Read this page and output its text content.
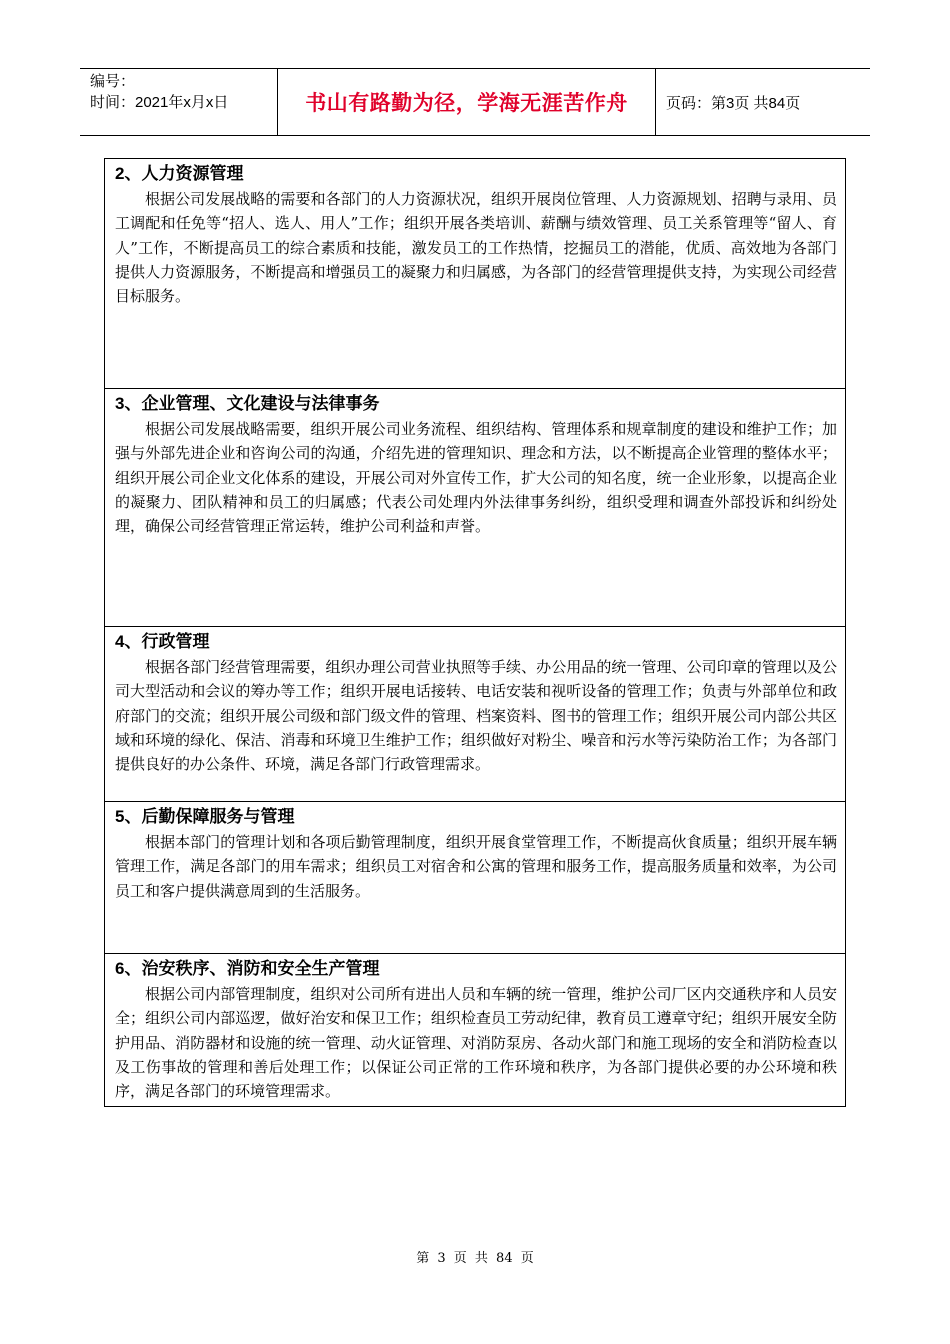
编号：
时间：2021年x月x日	书山有路勤为径，学海无涯苦作舟	页码：第3页 共84页
2、人力资源管理

根据公司发展战略的需要和各部门的人力资源状况，组织开展岗位管理、人力资源规划、招聘与录用、员工调配和任免等“招人、选人、用人”工作；组织开展各类培训、薪酬与绩效管理、员工关系管理等“留人、育人”工作，不断提高员工的综合素质和技能，激发员工的工作热情，挖掘员工的潜能，优质、高效地为各部门提供人力资源服务，不断提高和增强员工的凝聚力和归属感，为各部门的经营管理提供支持，为实现公司经营目标服务。

3、企业管理、文化建设与法律事务

根据公司发展战略需要，组织开展公司业务流程、组织结构、管理体系和规章制度的建设和维护工作；加强与外部先进企业和咨询公司的沟通，介绍先进的管理知识、理念和方法，以不断提高企业管理的整体水平；组织开展公司企业文化体系的建设，开展公司对外宣传工作，扩大公司的知名度，统一企业形象，以提高企业的凝聚力、团队精神和员工的归属感；代表公司处理内外法律事务纠纷，组织受理和调查外部投诉和纠纷处理，确保公司经营管理正常运转，维护公司利益和声誉。

4、行政管理

根据各部门经营管理需要，组织办理公司营业执照等手续、办公用品的统一管理、公司印章的管理以及公司大型活动和会议的筹办等工作；组织开展电话接转、电话安装和视听设备的管理工作；负责与外部单位和政府部门的交流；组织开展公司级和部门级文件的管理、档案资料、图书的管理工作；组织开展公司内部公共区域和环境的绿化、保洁、消毒和环境卫生维护工作；组织做好对粉尘、噪音和污水等污染防治工作；为各部门提供良好的办公条件、环境，满足各部门行政管理需求。

5、后勤保障服务与管理

根据本部门的管理计划和各项后勤管理制度，组织开展食堂管理工作，不断提高伙食质量；组织开展车辆管理工作，满足各部门的用车需求；组织员工对宿舍和公寓的管理和服务工作，提高服务质量和效率，为公司员工和客户提供满意周到的生活服务。

6、治安秩序、消防和安全生产管理

根据公司内部管理制度，组织对公司所有进出人员和车辆的统一管理，维护公司厂区内交通秩序和人员安全；组织公司内部巡逻，做好治安和保卫工作；组织检查员工劳动纪律，教育员工遵章守纪；组织开展安全防护用品、消防器材和设施的统一管理、动火证管理、对消防泵房、各动火部门和施工现场的安全和消防检查以及工伤事故的管理和善后处理工作；以保证公司正常的工作环境和秩序，为各部门提供必要的办公环境和秩序，满足各部门的环境管理需求。

第 3 页 共 84 页
